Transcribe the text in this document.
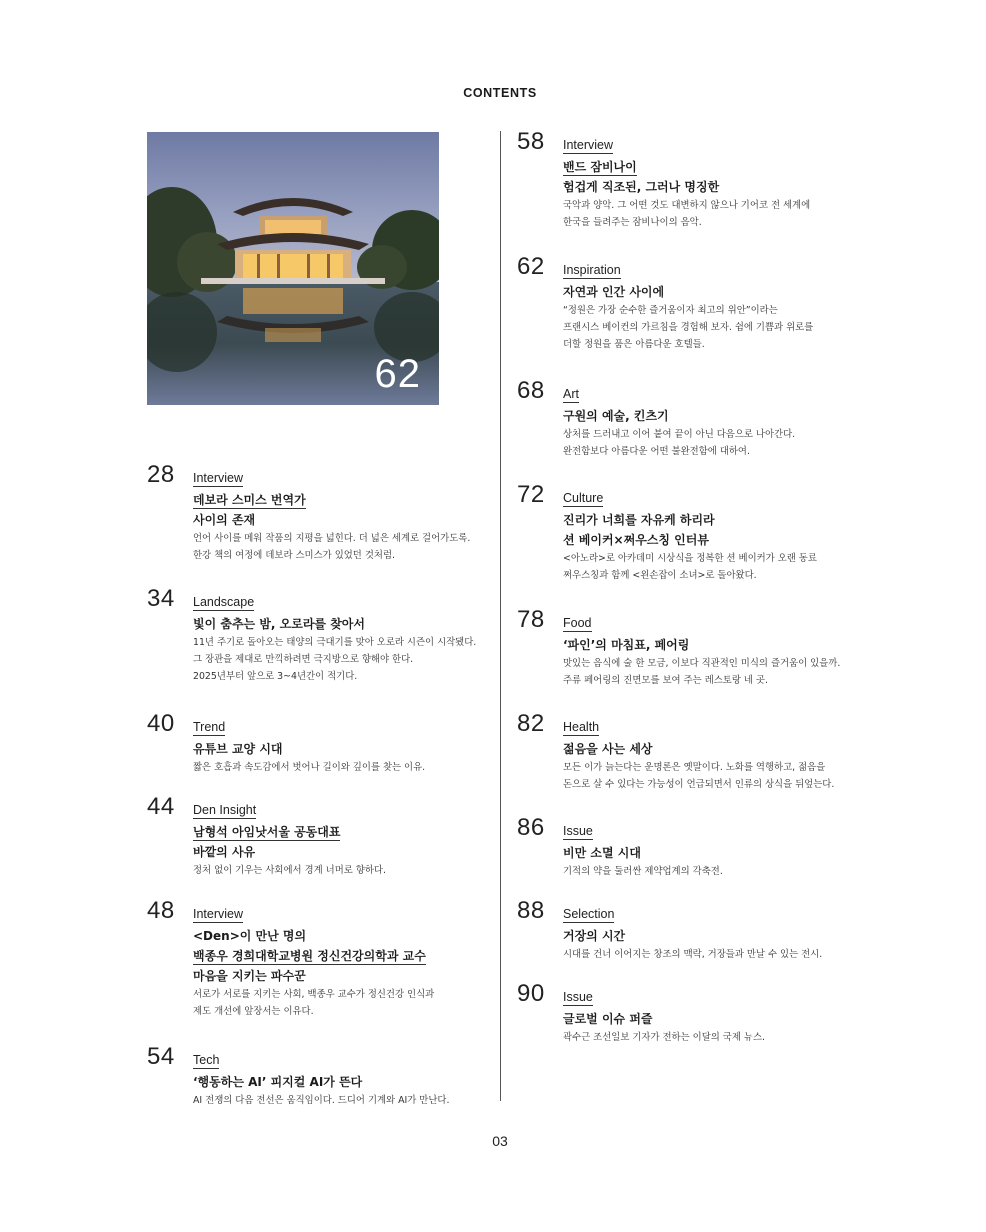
CONTENTS
62
28 Interview
데보라 스미스 번역가
사이의 존재
언어 사이를 메워 작품의 지평을 넓힌다. 더 넓은 세계로 걸어가도록.
한강 책의 여정에 데보라 스미스가 있었던 것처럼.
34 Landscape
빛이 춤추는 밤, 오로라를 찾아서
11년 주기로 돌아오는 태양의 극대기를 맞아 오로라 시즌이 시작됐다.
그 장관을 제대로 만끽하려면 극지방으로 향해야 한다.
2025년부터 앞으로 3~4년간이 적기다.
40 Trend
유튜브 교양 시대
짧은 호흡과 속도감에서 벗어나 길이와 깊이를 찾는 이유.
44 Den Insight
남형석 아임낫서울 공동대표
바깥의 사유
정처 없이 기우는 사회에서 경계 너머로 향하다.
48 Interview
<Den>이 만난 명의
백종우 경희대학교병원 정신건강의학과 교수
마음을 지키는 파수꾼
서로가 서로를 지키는 사회, 백종우 교수가 정신건강 인식과
제도 개선에 앞장서는 이유다.
54 Tech
‘행동하는 AI’ 피지컬 AI가 뜬다
AI 전쟁의 다음 전선은 움직임이다. 드디어 기계와 AI가 만난다.
58 Interview
밴드 잠비나이
험겁게 직조된, 그러나 명징한
국악과 양악. 그 어떤 것도 대변하지 않으나 기어코 전 세계에
한국을 들려주는 잠비나이의 음악.
62 Inspiration
자연과 인간 사이에
“정원은 가장 순수한 즐거움이자 최고의 위안”이라는
프랜시스 베이컨의 가르침을 경험해 보자. 쉼에 기쁨과 위로를
더할 정원을 품은 아름다운 호텔들.
68 Art
구원의 예술, 킨츠기
상처를 드러내고 이어 붙여 끝이 아닌 다음으로 나아간다.
완전함보다 아름다운 어떤 불완전함에 대하여.
72 Culture
진리가 너희를 자유케 하리라
션 베이커×쩌우스칭 인터뷰
<아노라>로 아카데미 시상식을 정복한 션 베이커가 오랜 동료
쩌우스칭과 함께 <왼손잡이 소녀>로 돌아왔다.
78 Food
‘파인’의 마침표, 페어링
맛있는 음식에 술 한 모금, 이보다 직관적인 미식의 즐거움이 있을까.
주류 페어링의 진면모를 보여 주는 레스토랑 네 곳.
82 Health
젊음을 사는 세상
모든 이가 늙는다는 운명론은 옛말이다. 노화를 역행하고, 젊음을
돈으로 살 수 있다는 가능성이 언급되면서 인류의 상식을 뒤엎는다.
86 Issue
비만 소멸 시대
기적의 약을 둘러싼 제약업계의 각축전.
88 Selection
거장의 시간
시대를 건너 이어지는 창조의 맥락, 거장들과 만날 수 있는 전시.
90 Issue
글로벌 이슈 퍼즐
곽수근 조선일보 기자가 전하는 이달의 국제 뉴스.
03
